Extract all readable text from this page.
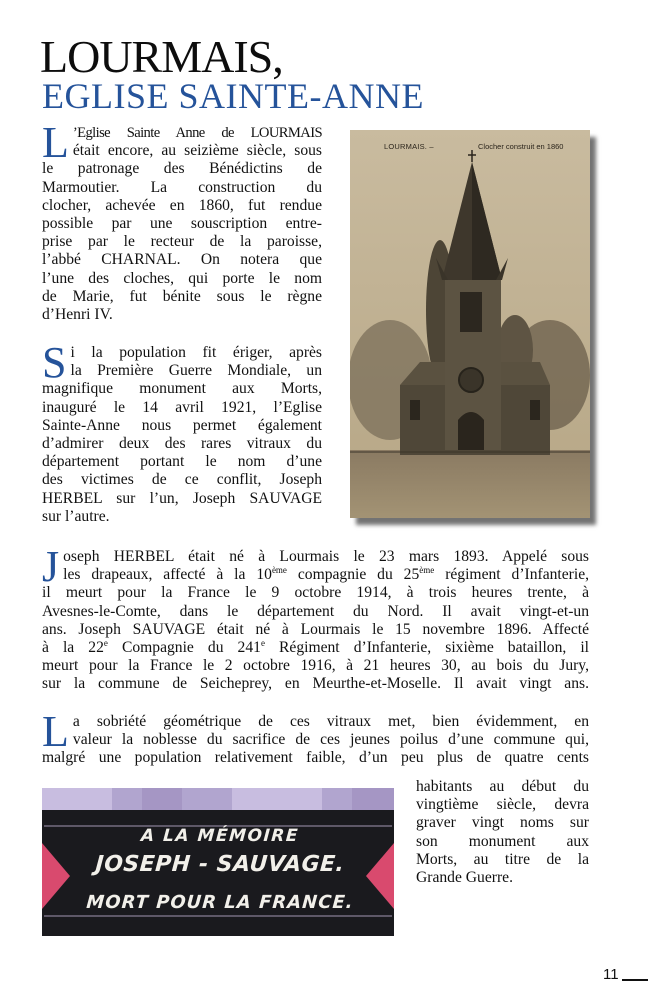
LOURMAIS,
EGLISE SAINTE-ANNE
L ’Eglise Sainte Anne de LOURMAIS
était encore, au seizième siècle, sous
le patronage des Bénédictins de
Marmoutier. La construction du
clocher, achevée en 1860, fut rendue
possible par une souscription entre-
prise par le recteur de la paroisse,
l’abbé CHARNAL. On notera que
l’une des cloches, qui porte le nom
de Marie, fut bénite sous le règne
d’Henri IV.
S i la population fit ériger, après
la Première Guerre Mondiale, un
magnifique monument aux Morts,
inauguré le 14 avril 1921, l’Eglise
Sainte-Anne nous permet également
d’admirer deux des rares vitraux du
département portant le nom d’une
des victimes de ce conflit, Joseph
HERBEL sur l’un, Joseph SAUVAGE
sur l’autre.
LOURMAIS. –	Clocher construit en 1860
J oseph HERBEL était né à Lourmais le 23 mars 1893. Appelé sous
les drapeaux, affecté à la 10ème compagnie du 25ème régiment d’Infanterie,
il meurt pour la France le 9 octobre 1914, à trois heures trente, à
Avesnes-le-Comte, dans le département du Nord. Il avait vingt-et-un
ans. Joseph SAUVAGE était né à Lourmais le 15 novembre 1896. Affecté
à la 22e Compagnie du 241e Régiment d’Infanterie, sixième bataillon, il
meurt pour la France le 2 octobre 1916, à 21 heures 30, au bois du Jury,
sur la commune de Seicheprey, en Meurthe-et-Moselle. Il avait vingt ans.
L a sobriété géométrique de ces vitraux met, bien évidemment, en
valeur la noblesse du sacrifice de ces jeunes poilus d’une commune qui,
malgré une population relativement faible, d’un peu plus de quatre cents
habitants au début du
vingtième siècle, devra
graver vingt noms sur
son monument aux
Morts, au titre de la
Grande Guerre.
A LA MÉMOIRE
JOSEPH - SAUVAGE.
MORT POUR LA FRANCE.
11
